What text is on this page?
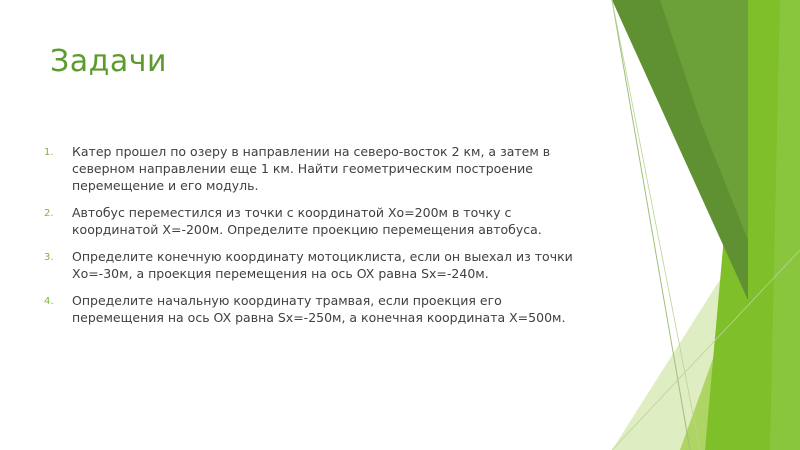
Задачи
1. Катер прошел по озеру в направлении на северо-восток 2 км, а затем в северном направлении еще 1 км. Найти геометрическим построение перемещение и его модуль.
2. Автобус переместился из точки с координатой Xo=200м в точку с координатой X=-200м. Определите проекцию перемещения автобуса.
3. Определите конечную координату мотоциклиста, если он выехал из точки Xo=-30м, а проекция перемещения на ось OX равна Sx=-240м.
4. Определите начальную координату трамвая, если проекция его перемещения на ось OX равна Sx=-250м, а конечная координата X=500м.
